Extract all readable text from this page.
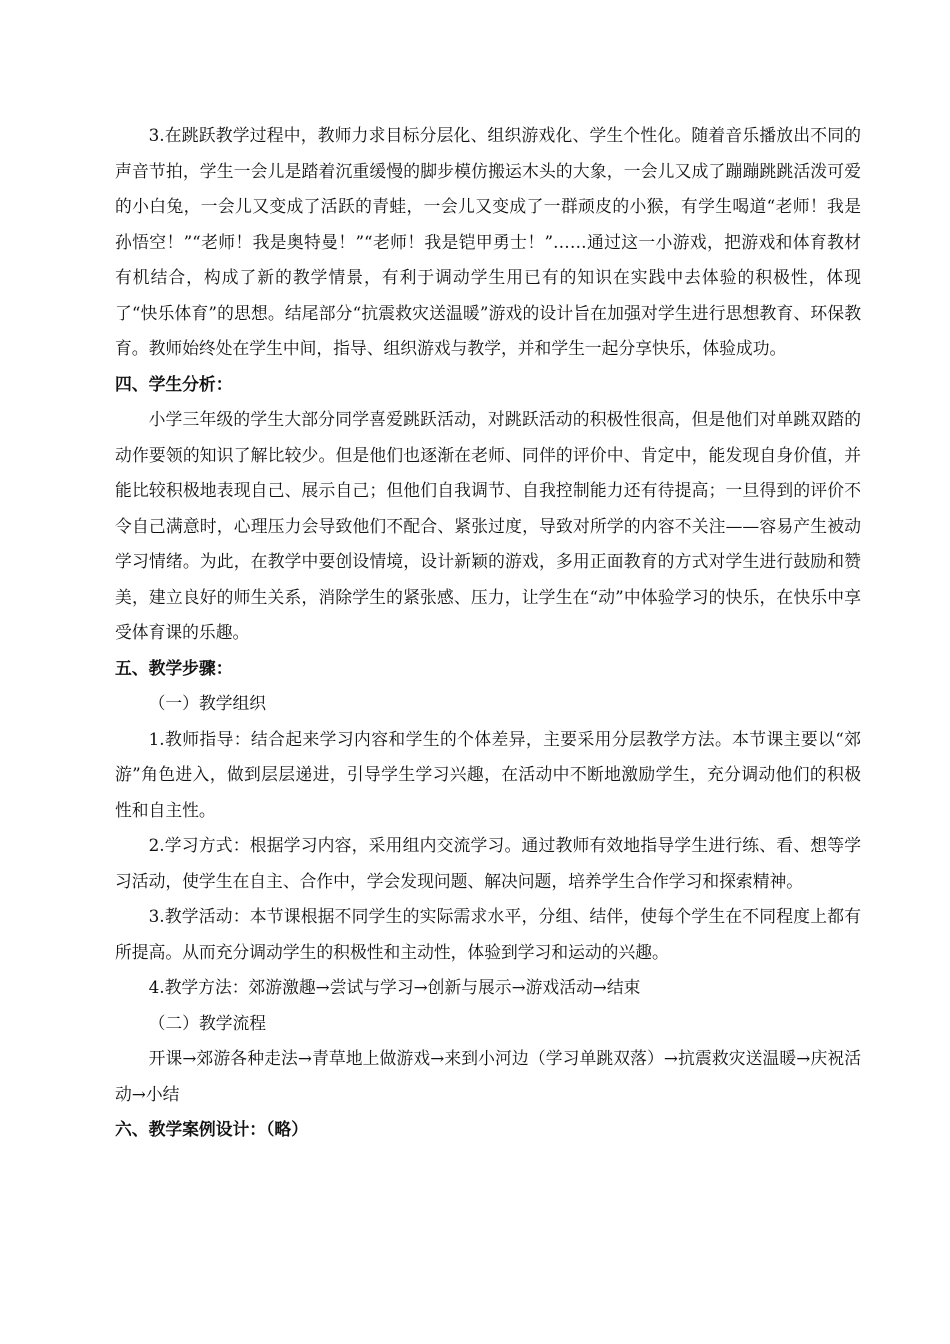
3.在跳跃教学过程中，教师力求目标分层化、组织游戏化、学生个性化。随着音乐播放出不同的声音节拍，学生一会儿是踏着沉重缓慢的脚步模仿搬运木头的大象，一会儿又成了蹦蹦跳跳活泼可爱的小白兔，一会儿又变成了活跃的青蛙，一会儿又变成了一群顽皮的小猴，有学生喝道“老师！我是孙悟空！”“老师！我是奥特曼！”“老师！我是铠甲勇士！”……通过这一小游戏，把游戏和体育教材有机结合，构成了新的教学情景，有利于调动学生用已有的知识在实践中去体验的积极性，体现了“快乐体育”的思想。结尾部分“抗震救灾送温暖”游戏的设计旨在加强对学生进行思想教育、环保教育。教师始终处在学生中间，指导、组织游戏与教学，并和学生一起分享快乐，体验成功。

四、学生分析：

小学三年级的学生大部分同学喜爱跳跃活动，对跳跃活动的积极性很高，但是他们对单跳双踏的动作要领的知识了解比较少。但是他们也逐渐在老师、同伴的评价中、肯定中，能发现自身价值，并能比较积极地表现自己、展示自己；但他们自我调节、自我控制能力还有待提高；一旦得到的评价不令自己满意时，心理压力会导致他们不配合、紧张过度，导致对所学的内容不关注——容易产生被动学习情绪。为此，在教学中要创设情境，设计新颖的游戏，多用正面教育的方式对学生进行鼓励和赞美，建立良好的师生关系，消除学生的紧张感、压力，让学生在“动”中体验学习的快乐，在快乐中享受体育课的乐趣。

五、教学步骤：

（一）教学组织

1.教师指导：结合起来学习内容和学生的个体差异，主要采用分层教学方法。本节课主要以“郊游”角色进入，做到层层递进，引导学生学习兴趣，在活动中不断地激励学生，充分调动他们的积极性和自主性。

2.学习方式：根据学习内容，采用组内交流学习。通过教师有效地指导学生进行练、看、想等学习活动，使学生在自主、合作中，学会发现问题、解决问题，培养学生合作学习和探索精神。

3.教学活动：本节课根据不同学生的实际需求水平，分组、结伴，使每个学生在不同程度上都有所提高。从而充分调动学生的积极性和主动性，体验到学习和运动的兴趣。

4.教学方法：郊游激趣→尝试与学习→创新与展示→游戏活动→结束

（二）教学流程

开课→郊游各种走法→青草地上做游戏→来到小河边（学习单跳双落）→抗震救灾送温暖→庆祝活动→小结

六、教学案例设计：（略）
